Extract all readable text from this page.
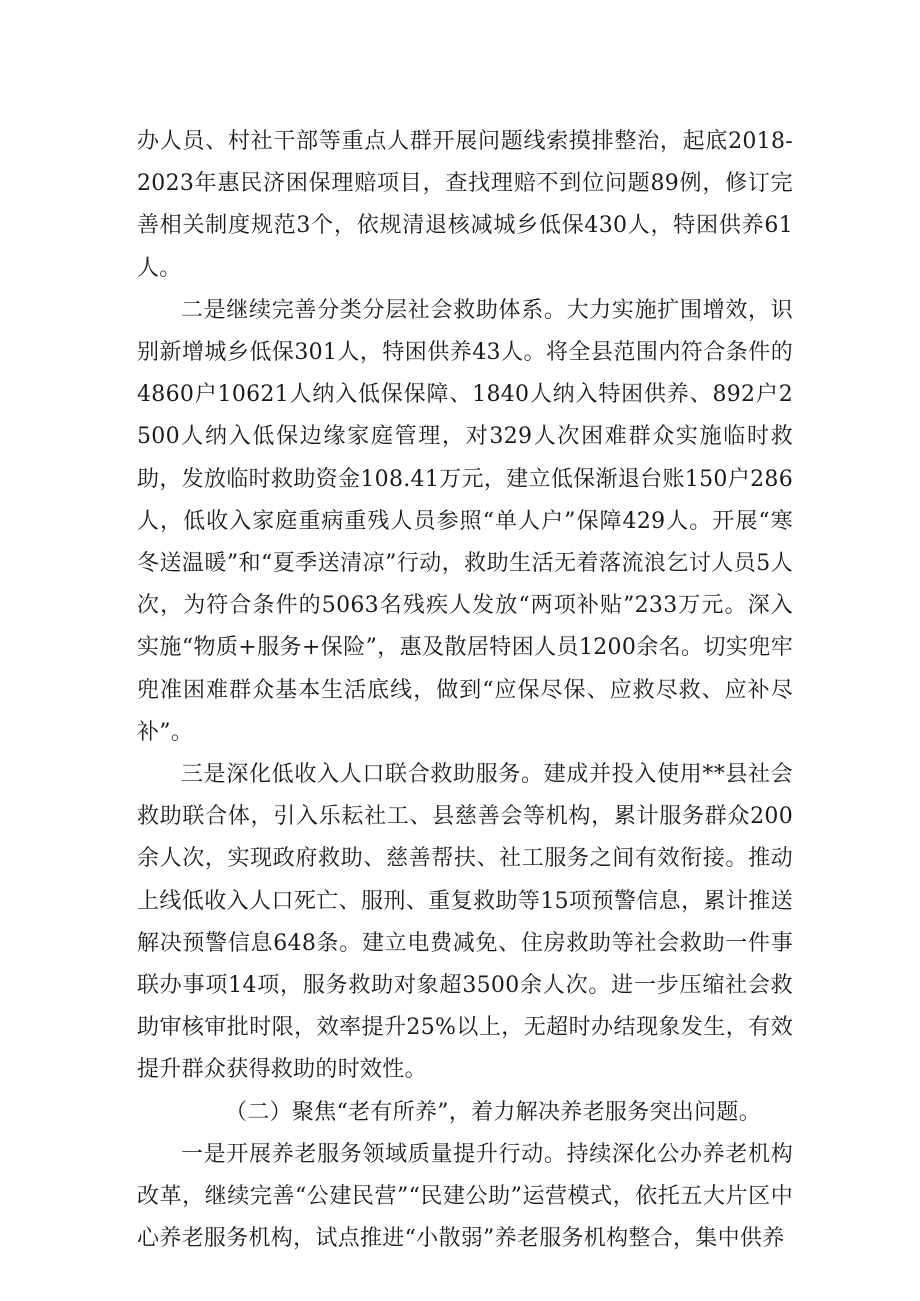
办人员、村社干部等重点人群开展问题线索摸排整治，起底2018-2023年惠民济困保理赔项目，查找理赔不到位问题89例，修订完善相关制度规范3个，依规清退核减城乡低保430人，特困供养61人。

二是继续完善分类分层社会救助体系。大力实施扩围增效，识别新增城乡低保301人，特困供养43人。将全县范围内符合条件的4860户10621人纳入低保保障、1840人纳入特困供养、892户2500人纳入低保边缘家庭管理，对329人次困难群众实施临时救助，发放临时救助资金108.41万元，建立低保渐退台账150户286人，低收入家庭重病重残人员参照“单人户”保障429人。开展“寒冬送温暖”和“夏季送清凉”行动，救助生活无着落流浪乞讨人员5人次，为符合条件的5063名残疾人发放“两项补贴”233万元。深入实施“物质+服务+保险”，惠及散居特困人员1200余名。切实兜牢兜准困难群众基本生活底线，做到“应保尽保、应救尽救、应补尽补”。

三是深化低收入人口联合救助服务。建成并投入使用**县社会救助联合体，引入乐耘社工、县慈善会等机构，累计服务群众200余人次，实现政府救助、慈善帮扶、社工服务之间有效衔接。推动上线低收入人口死亡、服刑、重复救助等15项预警信息，累计推送解决预警信息648条。建立电费减免、住房救助等社会救助一件事联办事项14项，服务救助对象超3500余人次。进一步压缩社会救助审核审批时限，效率提升25%以上，无超时办结现象发生，有效提升群众获得救助的时效性。

（二）聚焦“老有所养”，着力解决养老服务突出问题。

一是开展养老服务领域质量提升行动。持续深化公办养老机构改革，继续完善“公建民营”“民建公助”运营模式，依托五大片区中心养老服务机构，试点推进“小散弱”养老服务机构整合，集中供养
